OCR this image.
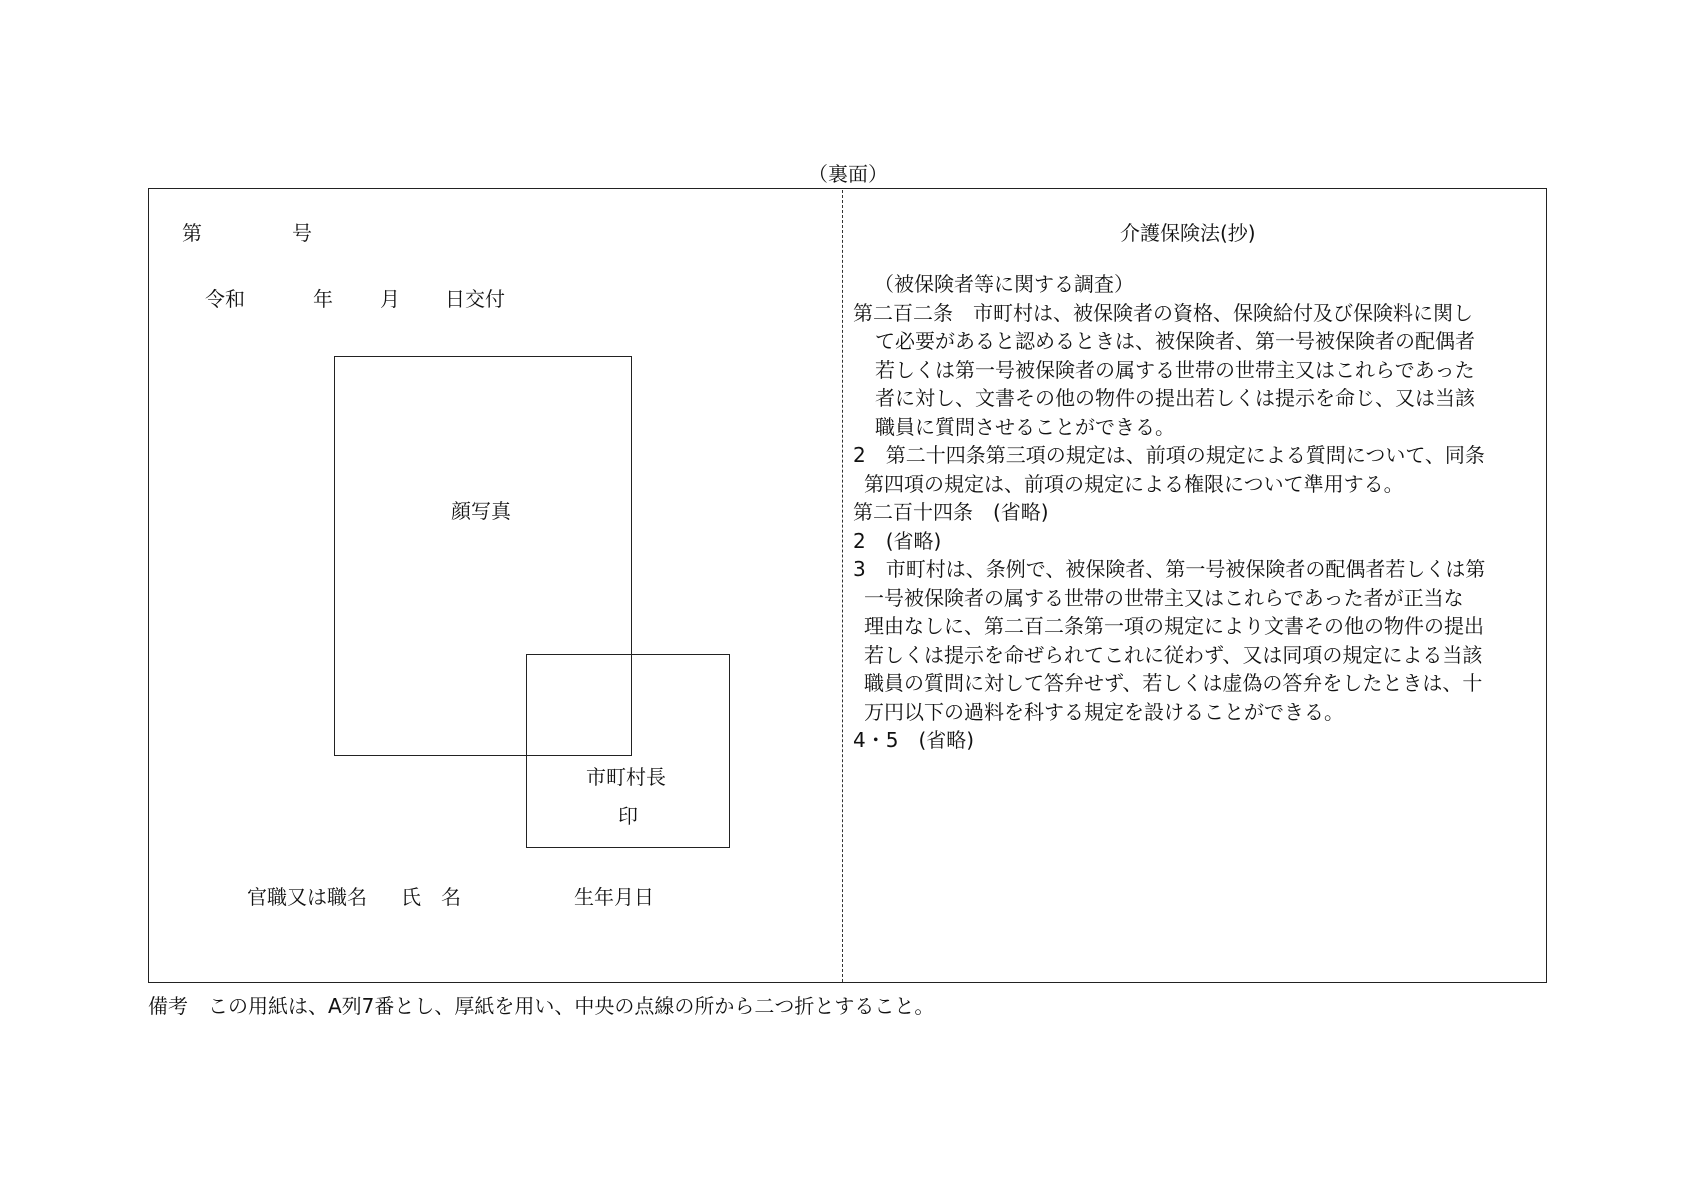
（裏面）
第	号
令和	年 月 日交付
顔写真
市町村長
印
官職又は職名 氏　名	生年月日
介護保険法(抄)
（被保険者等に関する調査）
第二百二条　市町村は、被保険者の資格、保険給付及び保険料に関し
て必要があると認めるときは、被保険者、第一号被保険者の配偶者
若しくは第一号被保険者の属する世帯の世帯主又はこれらであった
者に対し、文書その他の物件の提出若しくは提示を命じ、又は当該
職員に質問させることができる。
2　第二十四条第三項の規定は、前項の規定による質問について、同条
第四項の規定は、前項の規定による権限について準用する。
第二百十四条　(省略)
2　(省略)
3　市町村は、条例で、被保険者、第一号被保険者の配偶者若しくは第
一号被保険者の属する世帯の世帯主又はこれらであった者が正当な
理由なしに、第二百二条第一項の規定により文書その他の物件の提出
若しくは提示を命ぜられてこれに従わず、又は同項の規定による当該
職員の質問に対して答弁せず、若しくは虚偽の答弁をしたときは、十
万円以下の過料を科する規定を設けることができる。
4・5　(省略)
備考　この用紙は、A列7番とし、厚紙を用い、中央の点線の所から二つ折とすること。
